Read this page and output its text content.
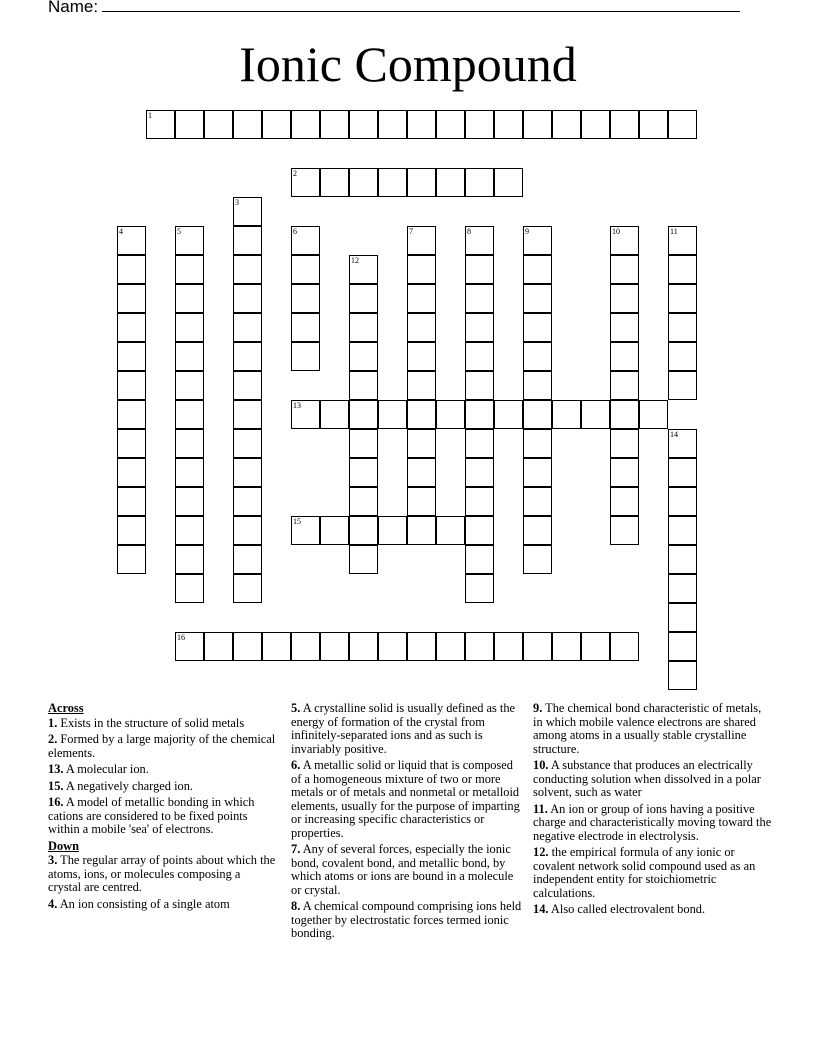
Name:
Ionic Compound
1
2
13
15
16
3
4	5	6	7	8	9	10	11
12
14
Across
1. Exists in the structure of solid metals
2. Formed by a large majority of the chemical elements.
13. A molecular ion.
15. A negatively charged ion.
16. A model of metallic bonding in which cations are considered to be fixed points within a mobile 'sea' of electrons.
Down
3. The regular array of points about which the atoms, ions, or molecules composing a crystal are centred.
4. An ion consisting of a single atom
5. A crystalline solid is usually defined as the energy of formation of the crystal from infinitely-separated ions and as such is invariably positive.
6. A metallic solid or liquid that is composed of a homogeneous mixture of two or more metals or of metals and nonmetal or metalloid elements, usually for the purpose of imparting or increasing specific characteristics or properties.
7. Any of several forces, especially the ionic bond, covalent bond, and metallic bond, by which atoms or ions are bound in a molecule or crystal.
8. A chemical compound comprising ions held together by electrostatic forces termed ionic bonding.
9. The chemical bond characteristic of metals, in which mobile valence electrons are shared among atoms in a usually stable crystalline structure.
10. A substance that produces an electrically conducting solution when dissolved in a polar solvent, such as water
11. An ion or group of ions having a positive charge and characteristically moving toward the negative electrode in electrolysis.
12. the empirical formula of any ionic or covalent network solid compound used as an independent entity for stoichiometric calculations.
14. Also called electrovalent bond.
